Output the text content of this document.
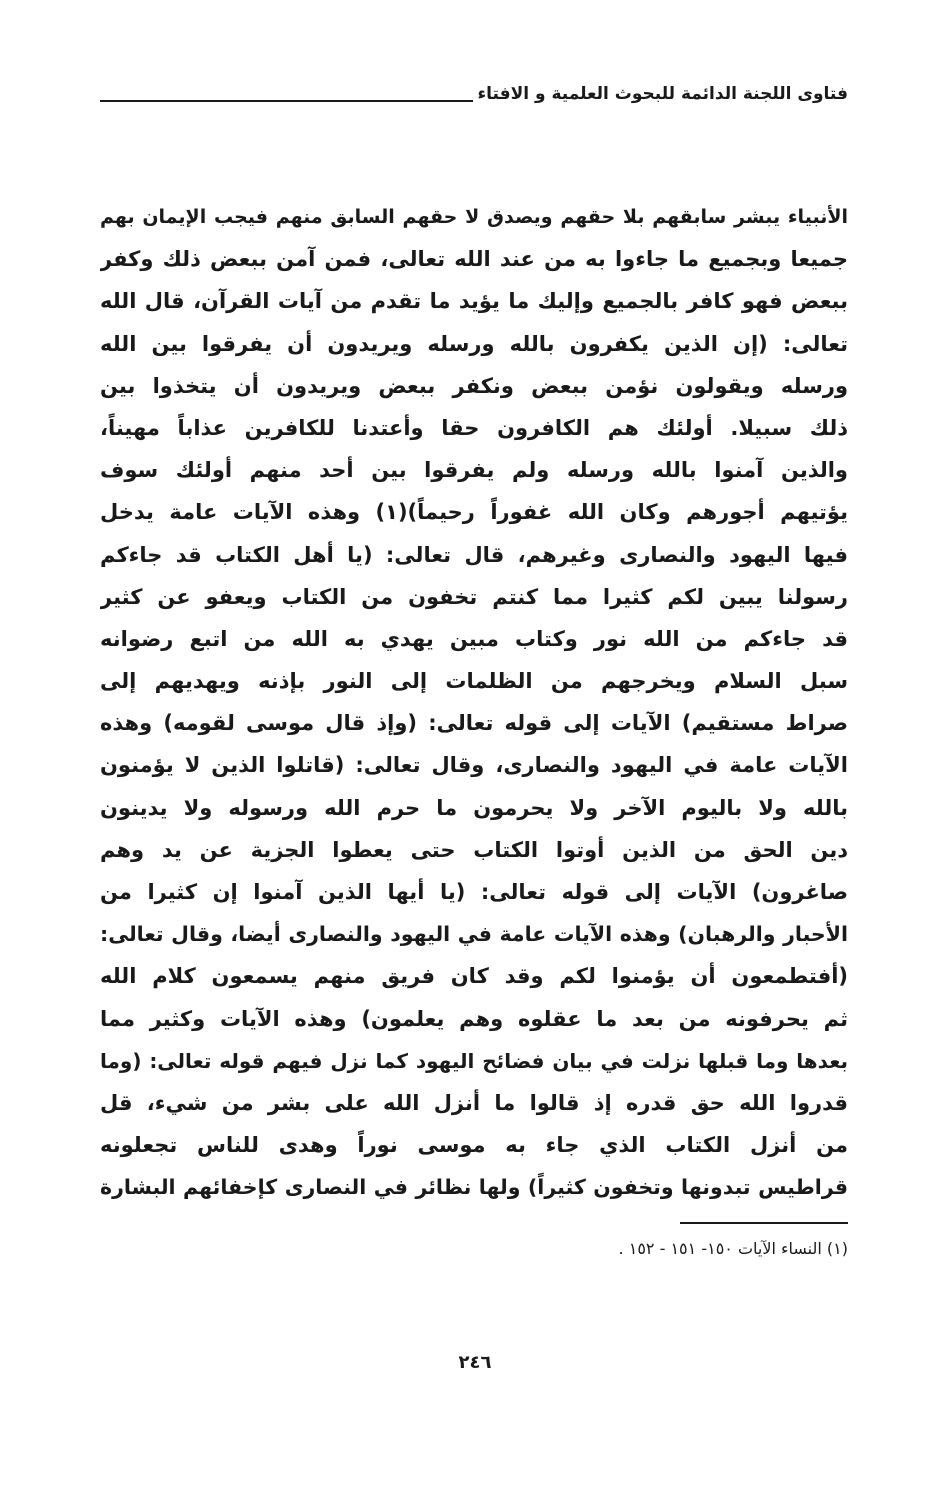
فتاوى اللجنة الدائمة للبحوث العلمية و الافتاء
الأنبياء يبشر سابقهم بلا حقهم ويصدق لا حقهم السابق منهم فيجب الإيمان بهم
جميعا وبجميع ما جاءوا به من عند الله تعالى، فمن آمن ببعض ذلك وكفر
ببعض فهو كافر بالجميع وإليك ما يؤيد ما تقدم من آيات القرآن، قال الله
تعالى: (إن الذين يكفرون بالله ورسله ويريدون أن يفرقوا بين الله
ورسله ويقولون نؤمن ببعض ونكفر ببعض ويريدون أن يتخذوا بين
ذلك سبيلا. أولئك هم الكافرون حقا وأعتدنا للكافرين عذاباً مهيناً،
والذين آمنوا بالله ورسله ولم يفرقوا بين أحد منهم أولئك سوف
يؤتيهم أجورهم وكان الله غفوراً رحيماً)(١) وهذه الآيات عامة يدخل
فيها اليهود والنصارى وغيرهم، قال تعالى: (يا أهل الكتاب قد جاءكم
رسولنا يبين لكم كثيرا مما كنتم تخفون من الكتاب ويعفو عن كثير
قد جاءكم من الله نور وكتاب مبين يهدي به الله من اتبع رضوانه
سبل السلام ويخرجهم من الظلمات إلى النور بإذنه ويهديهم إلى
صراط مستقيم) الآيات إلى قوله تعالى: (وإذ قال موسى لقومه) وهذه
الآيات عامة في اليهود والنصارى، وقال تعالى: (قاتلوا الذين لا يؤمنون
بالله ولا باليوم الآخر ولا يحرمون ما حرم الله ورسوله ولا يدينون
دين الحق من الذين أوتوا الكتاب حتى يعطوا الجزية عن يد وهم
صاغرون) الآيات إلى قوله تعالى: (يا أيها الذين آمنوا إن كثيرا من
الأحبار والرهبان) وهذه الآيات عامة في اليهود والنصارى أيضا، وقال تعالى:
(أفتطمعون أن يؤمنوا لكم وقد كان فريق منهم يسمعون كلام الله
ثم يحرفونه من بعد ما عقلوه وهم يعلمون) وهذه الآيات وكثير مما
بعدها وما قبلها نزلت في بيان فضائح اليهود كما نزل فيهم قوله تعالى: (وما
قدروا الله حق قدره إذ قالوا ما أنزل الله على بشر من شيء، قل
من أنزل الكتاب الذي جاء به موسى نوراً وهدى للناس تجعلونه
قراطيس تبدونها وتخفون كثيراً) ولها نظائر في النصارى كإخفائهم البشارة
(١) النساء الآيات ١٥٠- ١٥١ - ١٥٢ .
٢٤٦
